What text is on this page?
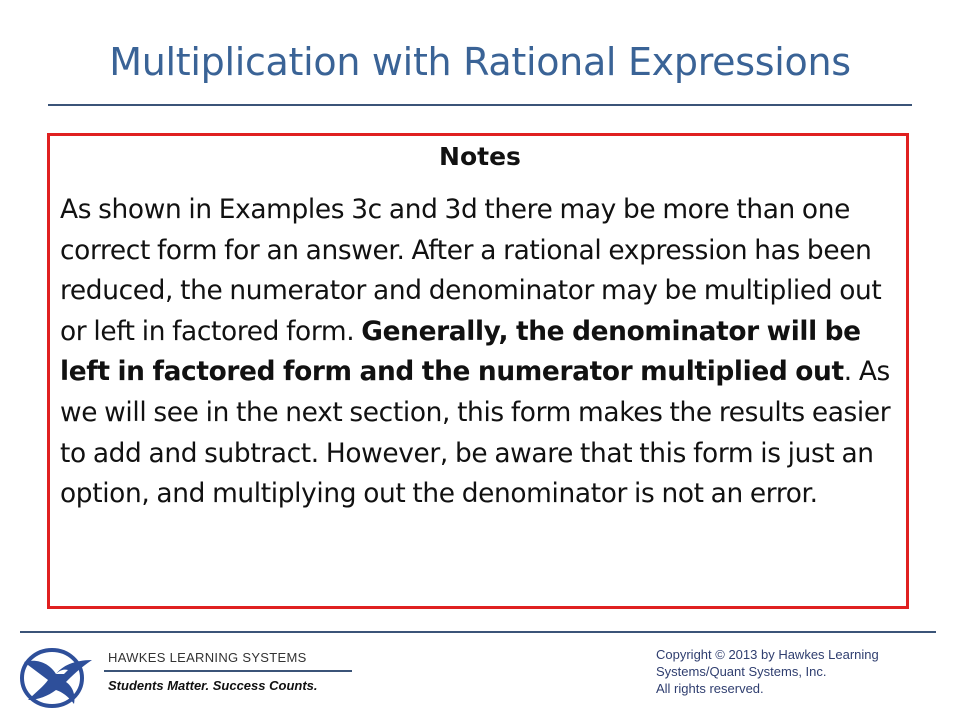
Multiplication with Rational Expressions
Notes
As shown in Examples 3c and 3d there may be more than one correct form for an answer. After a rational expression has been reduced, the numerator and denominator may be multiplied out or left in factored form. Generally, the denominator will be left in factored form and the numerator multiplied out. As we will see in the next section, this form makes the results easier to add and subtract. However, be aware that this form is just an option, and multiplying out the denominator is not an error.
HAWKES LEARNING SYSTEMS
Students Matter. Success Counts.
Copyright © 2013 by Hawkes Learning
Systems/Quant Systems, Inc.
All rights reserved.
